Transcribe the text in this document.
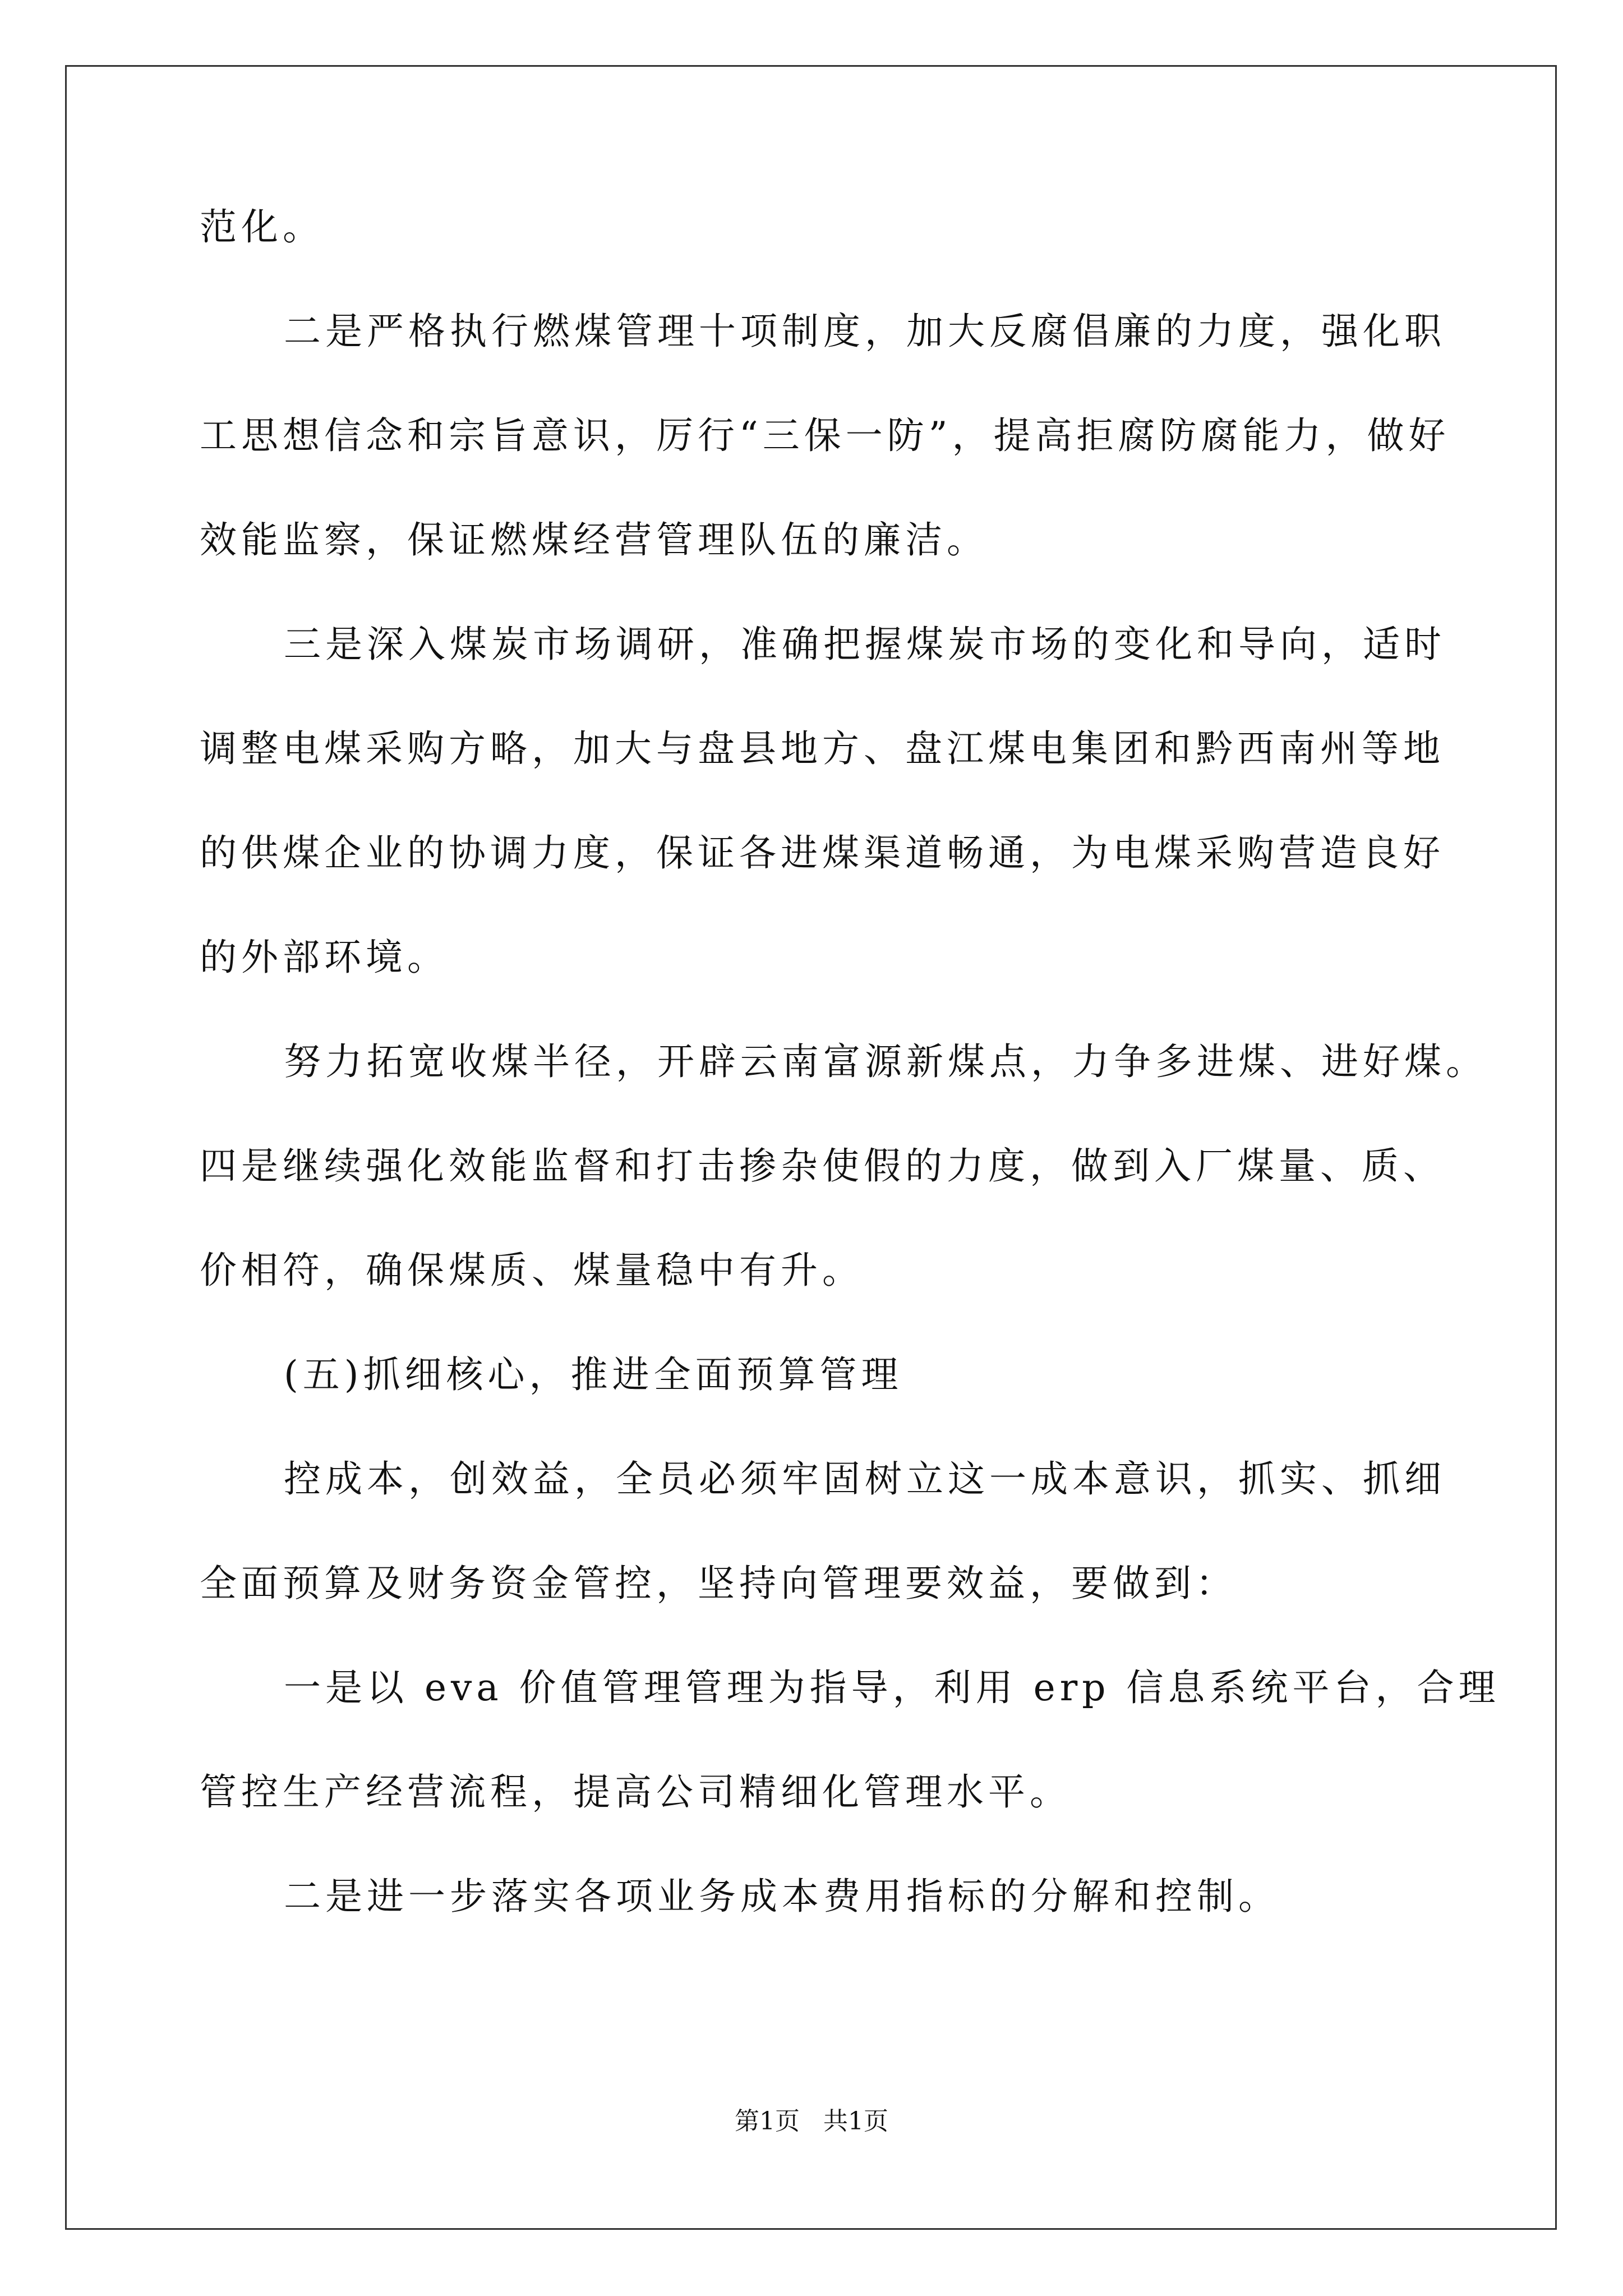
范化。
二是严格执行燃煤管理十项制度，加大反腐倡廉的力度，强化职
工思想信念和宗旨意识，厉行“三保一防”，提高拒腐防腐能力，做好
效能监察，保证燃煤经营管理队伍的廉洁。
三是深入煤炭市场调研，准确把握煤炭市场的变化和导向，适时
调整电煤采购方略，加大与盘县地方、盘江煤电集团和黔西南州等地
的供煤企业的协调力度，保证各进煤渠道畅通，为电煤采购营造良好
的外部环境。
努力拓宽收煤半径，开辟云南富源新煤点，力争多进煤、进好煤。
四是继续强化效能监督和打击掺杂使假的力度，做到入厂煤量、质、
价相符，确保煤质、煤量稳中有升。
(五)抓细核心，推进全面预算管理
控成本，创效益，全员必须牢固树立这一成本意识，抓实、抓细
全面预算及财务资金管控，坚持向管理要效益，要做到：
一是以 eva 价值管理管理为指导，利用 erp 信息系统平台，合理
管控生产经营流程，提高公司精细化管理水平。
二是进一步落实各项业务成本费用指标的分解和控制。
第1页   共1页
